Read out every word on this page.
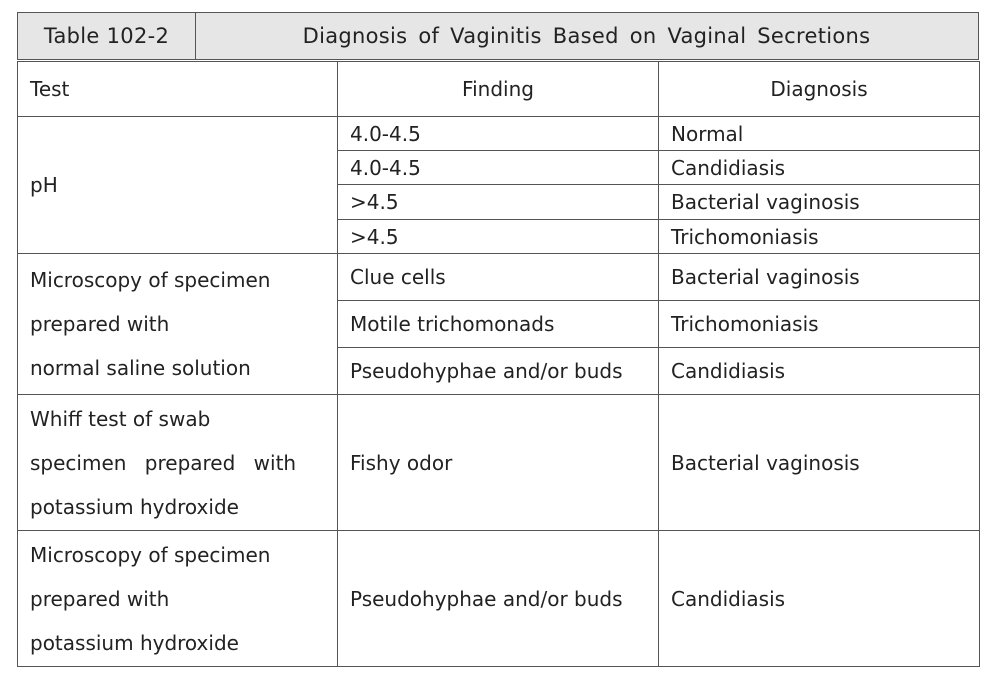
Table 102-2	Diagnosis of Vaginitis Based on Vaginal Secretions
Test	Finding	Diagnosis
pH	4.0-4.5	Normal
	4.0-4.5	Candidiasis
	>4.5	Bacterial vaginosis
	>4.5	Trichomoniasis

Microscopy of specimen
prepared with
normal saline solution	Clue cells	Bacterial vaginosis
	Motile trichomonads	Trichomoniasis
	Pseudohyphae and/or buds	Candidiasis

Whiff test of swab
specimen prepared with
potassium hydroxide	Fishy odor	Bacterial vaginosis

Microscopy of specimen
prepared with
potassium hydroxide	Pseudohyphae and/or buds	Candidiasis
